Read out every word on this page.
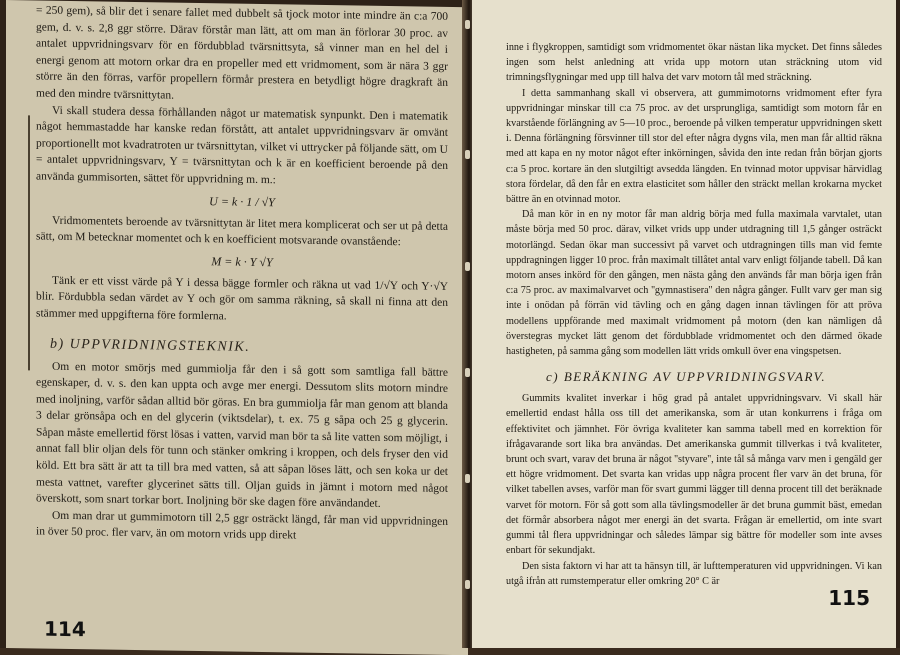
= 250 gem), så blir det i senare fallet med dubbelt så tjock motor inte mindre än c:a 700 gem, d. v. s. 2,8 ggr större. Därav förstår man lätt, att om man än förlorar 30 proc. av antalet uppvridningsvarv för en fördubblad tvärsnittsyta, så vinner man en hel del i energi genom att motorn orkar dra en propeller med ett vridmoment, som är nära 3 ggr större än den förras, varför propellern förmår prestera en betydligt högre dragkraft än med den mindre tvärsnittytan.

Vi skall studera dessa förhållanden något ur matematisk synpunkt. Den i matematik något hemmastadde har kanske redan förstått, att antalet uppvridningsvarv är omvänt proportionellt mot kvadratroten ur tvärsnittytan, vilket vi uttrycker på följande sätt, om U = antalet uppvridningsvarv, Y = tvärsnittytan och k är en koefficient beroende på den använda gummisorten, sättet för uppvridning m. m.:

U = k · 1 / √Y

Vridmomentets beroende av tvärsnittytan är litet mera komplicerat och ser ut på detta sätt, om M betecknar momentet och k en koefficient motsvarande ovanstående:

M = k · Y √Y

Tänk er ett visst värde på Y i dessa bägge formler och räkna ut vad 1/√Y och Y·√Y blir. Fördubbla sedan värdet av Y och gör om samma räkning, så skall ni finna att den stämmer med uppgifterna före formlerna.

b) UPPVRIDNINGSTEKNIK.

Om en motor smörjs med gummiolja får den i så gott som samtliga fall bättre egenskaper, d. v. s. den kan uppta och avge mer energi. Dessutom slits motorn mindre med inoljning, varför sådan alltid bör göras. En bra gummiolja får man genom att blanda 3 delar grönsåpa och en del glycerin (viktsdelar), t. ex. 75 g såpa och 25 g glycerin. Såpan måste emellertid först lösas i vatten, varvid man bör ta så lite vatten som möjligt, i annat fall blir oljan dels för tunn och stänker omkring i kroppen, och dels fryser den vid köld. Ett bra sätt är att ta till bra med vatten, så att såpan löses lätt, och sen koka ur det mesta vattnet, varefter glycerinet sätts till. Oljan guids in jämnt i motorn med något överskott, som snart torkar bort. Inoljning bör ske dagen före användandet.

Om man drar ut gummimotorn till 2,5 ggr osträckt längd, får man vid uppvridningen in över 50 proc. fler varv, än om motorn vrids upp direkt

114

inne i flygkroppen, samtidigt som vridmomentet ökar nästan lika mycket. Det finns således ingen som helst anledning att vrida upp motorn utan sträckning utom vid trimningsflygningar med upp till halva det varv motorn tål med sträckning.

I detta sammanhang skall vi observera, att gummimotorns vridmoment efter fyra uppvridningar minskar till c:a 75 proc. av det ursprungliga, samtidigt som motorn får en kvarstående förlängning av 5—10 proc., beroende på vilken temperatur uppvridningen skett i. Denna förlängning försvinner till stor del efter några dygns vila, men man får alltid räkna med att kapa en ny motor något efter inkörningen, såvida den inte redan från början gjorts c:a 5 proc. kortare än den slutgiltigt avsedda längden. En tvinnad motor uppvisar härvidlag stora fördelar, då den får en extra elasticitet som håller den sträckt mellan krokarna mycket bättre än en otvinnad motor.

Då man kör in en ny motor får man aldrig börja med fulla maximala varvtalet, utan måste börja med 50 proc. därav, vilket vrids upp under utdragning till 1,5 gånger osträckt motorlängd. Sedan ökar man successivt på varvet och utdragningen tills man vid femte uppdragningen ligger 10 proc. från maximalt tillåtet antal varv enligt följande tabell. Då kan motorn anses inkörd för den gången, men nästa gång den används får man börja igen från c:a 75 proc. av maximalvarvet och ''gymnastisera'' den några gånger. Fullt varv ger man sig inte i onödan på förrän vid tävling och en gång dagen innan tävlingen för att pröva modellens uppförande med maximalt vridmoment på motorn (den kan nämligen då överstegras mycket lätt genom det fördubblade vridmomentet och den därmed ökade hastigheten, på samma gång som modellen lätt vrids omkull över ena vingspetsen.

c) BERÄKNING AV UPPVRIDNINGSVARV.

Gummits kvalitet inverkar i hög grad på antalet uppvridningsvarv. Vi skall här emellertid endast hålla oss till det amerikanska, som är utan konkurrens i fråga om effektivitet och jämnhet. För övriga kvaliteter kan samma tabell med en korrektion för ifrågavarande sort lika bra användas. Det amerikanska gummit tillverkas i två kvaliteter, brunt och svart, varav det bruna är något ''styvare'', inte tål så många varv men i gengäld ger ett högre vridmoment. Det svarta kan vridas upp några procent fler varv än det bruna, för vilket tabellen avses, varför man för svart gummi lägger till denna procent till det beräknade varvet för motorn. För så gott som alla tävlingsmodeller är det bruna gummit bäst, emedan det förmår absorbera något mer energi än det svarta. Frågan är emellertid, om inte svart gummi tål flera uppvridningar och således lämpar sig bättre för modeller som inte avses enbart för sekundjakt.

Den sista faktorn vi har att ta hänsyn till, är lufttemperaturen vid uppvridningen. Vi kan utgå ifrån att rumstemperatur eller omkring 20° C är

115
